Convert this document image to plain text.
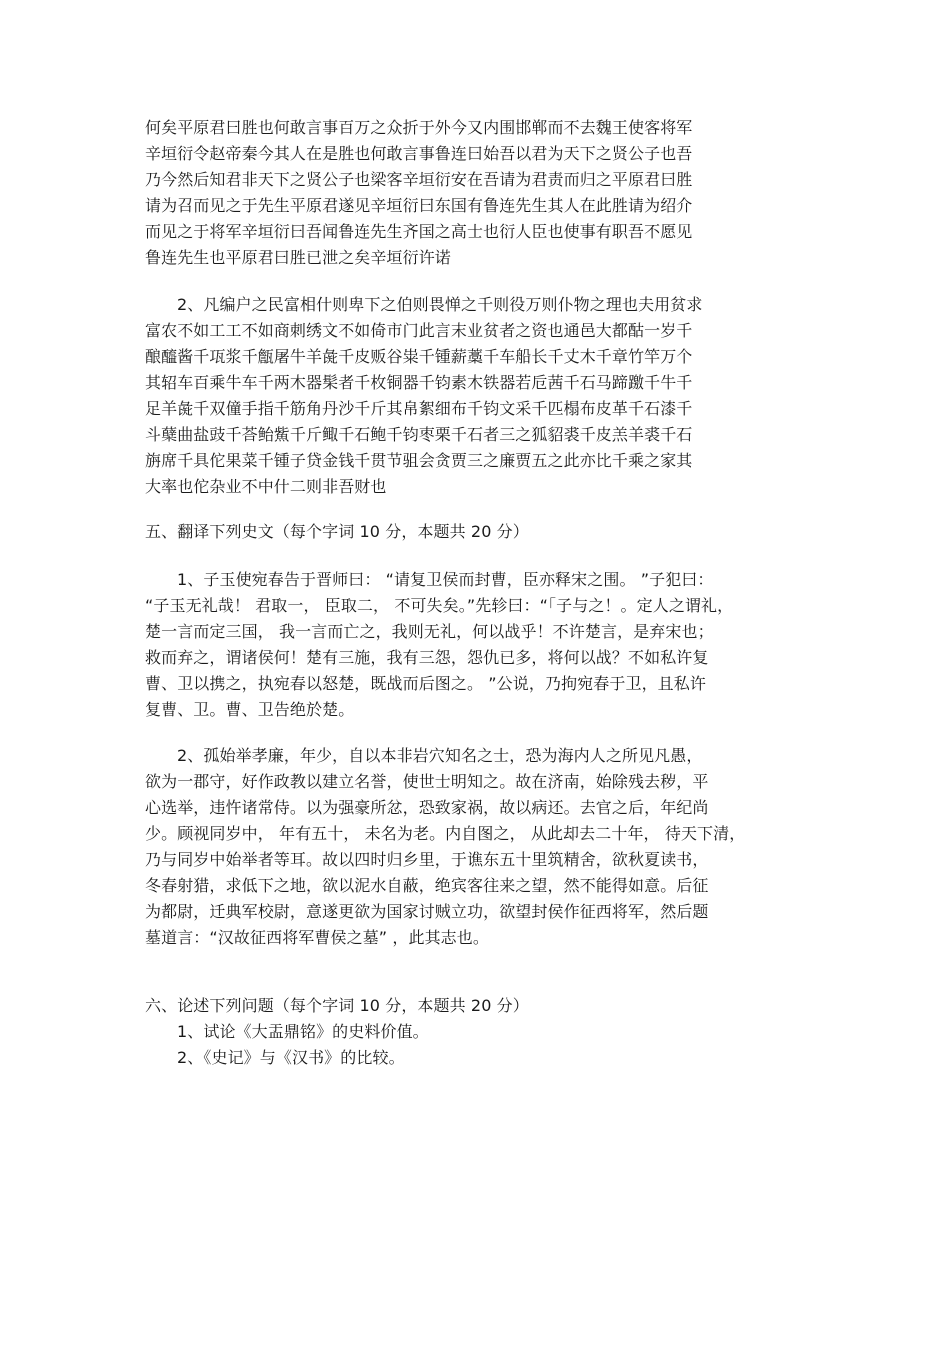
何矣平原君曰胜也何敢言事百万之众折于外今又内围邯郸而不去魏王使客将军
辛垣衍令赵帝秦今其人在是胜也何敢言事鲁连曰始吾以君为天下之贤公子也吾
乃今然后知君非天下之贤公子也梁客辛垣衍安在吾请为君责而归之平原君曰胜
请为召而见之于先生平原君遂见辛垣衍曰东国有鲁连先生其人在此胜请为绍介
而见之于将军辛垣衍曰吾闻鲁连先生齐国之高士也衍人臣也使事有职吾不愿见
鲁连先生也平原君曰胜已泄之矣辛垣衍许诺
2、凡编户之民富相什则卑下之伯则畏惮之千则役万则仆物之理也夫用贫求
富农不如工工不如商刺绣文不如倚市门此言末业贫者之资也通邑大都酤一岁千
酿醯酱千瓨浆千甔屠牛羊彘千皮贩谷粜千锺薪藁千车船长千丈木千章竹竿万个
其轺车百乘牛车千两木器髤者千枚铜器千钧素木铁器若卮茜千石马蹄躈千牛千
足羊彘千双僮手指千筋角丹沙千斤其帛絮细布千钧文采千匹榻布皮革千石漆千
斗蘖曲盐豉千荅鲐鮆千斤鲰千石鲍千钧枣栗千石者三之狐貂裘千皮羔羊裘千石
旃席千具佗果菜千锺子贷金钱千贯节驵会贪贾三之廉贾五之此亦比千乘之家其
大率也佗杂业不中什二则非吾财也
五、翻译下列史文（每个字词 10 分，本题共 20 分）
1、子玉使宛春告于晋师曰： “请复卫侯而封曹，臣亦释宋之围。 ”子犯曰：
“子玉无礼哉！ 君取一， 臣取二， 不可失矣。”先轸曰：“「子与之！。定人之谓礼，
楚一言而定三国， 我一言而亡之，我则无礼，何以战乎！不许楚言，是弃宋也；
救而弃之，谓诸侯何！楚有三施，我有三怨，怨仇已多，将何以战？不如私许复
曹、卫以携之，执宛春以怒楚，既战而后图之。 ”公说，乃拘宛春于卫，且私许
复曹、卫。曹、卫告绝於楚。
2、孤始举孝廉，年少，自以本非岩穴知名之士，恐为海内人之所见凡愚，
欲为一郡守，好作政教以建立名誉，使世士明知之。故在济南，始除残去秽，平
心选举，违忤诸常侍。以为强豪所忿，恐致家祸，故以病还。去官之后，年纪尚
少。顾视同岁中， 年有五十， 未名为老。内自图之， 从此却去二十年， 待天下清，
乃与同岁中始举者等耳。故以四时归乡里，于谯东五十里筑精舍，欲秋夏读书，
冬春射猎，求低下之地，欲以泥水自蔽，绝宾客往来之望，然不能得如意。后征
为都尉，迁典军校尉，意遂更欲为国家讨贼立功，欲望封侯作征西将军，然后题
墓道言：“汉故征西将军曹侯之墓” ，此其志也。
六、论述下列问题（每个字词 10 分，本题共 20 分）
1、试论《大盂鼎铭》的史料价值。
2、《史记》与《汉书》的比较。
